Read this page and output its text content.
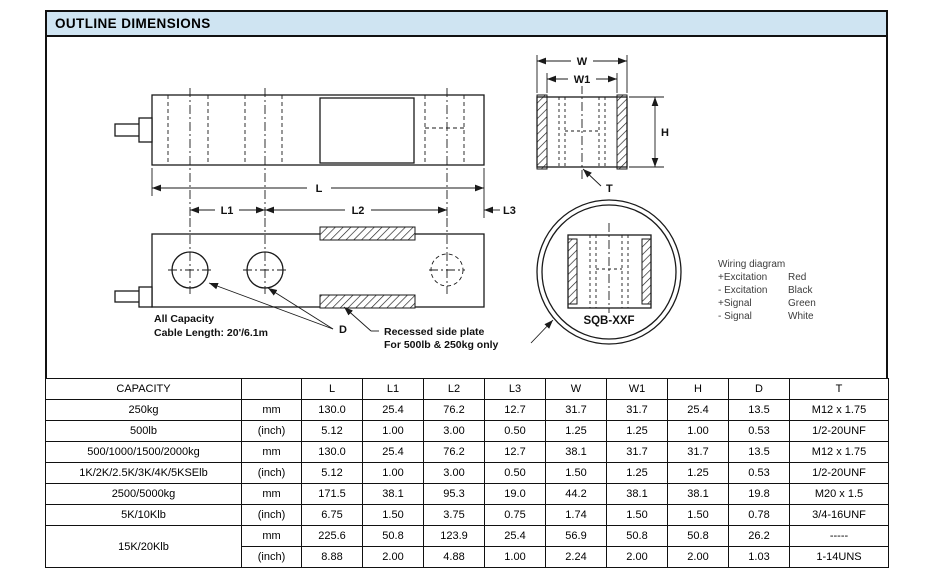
OUTLINE DIMENSIONS
L
L1	L2	L3
D	Recessed side plate
For 500lb & 250kg only
All Capacity
Cable Length: 20'/6.1m
W
W1
H
T
SQB-XXF
Wiring diagram
+Excitation	Red
- Excitation	Black
+Signal	Green
- Signal	White
CAPACITY		L	L1	L2	L3	W	W1	H	D	T
250kg	mm	130.0	25.4	76.2	12.7	31.7	31.7	25.4	13.5	M12 x 1.75
500lb	(inch)	5.12	1.00	3.00	0.50	1.25	1.25	1.00	0.53	1/2-20UNF
500/1000/1500/2000kg	mm	130.0	25.4	76.2	12.7	38.1	31.7	31.7	13.5	M12 x 1.75
1K/2K/2.5K/3K/4K/5KSElb	(inch)	5.12	1.00	3.00	0.50	1.50	1.25	1.25	0.53	1/2-20UNF
2500/5000kg	mm	171.5	38.1	95.3	19.0	44.2	38.1	38.1	19.8	M20 x 1.5
5K/10Klb	(inch)	6.75	1.50	3.75	0.75	1.74	1.50	1.50	0.78	3/4-16UNF
15K/20Klb	mm	225.6	50.8	123.9	25.4	56.9	50.8	50.8	26.2	-----
	(inch)	8.88	2.00	4.88	1.00	2.24	2.00	2.00	1.03	1-14UNS
